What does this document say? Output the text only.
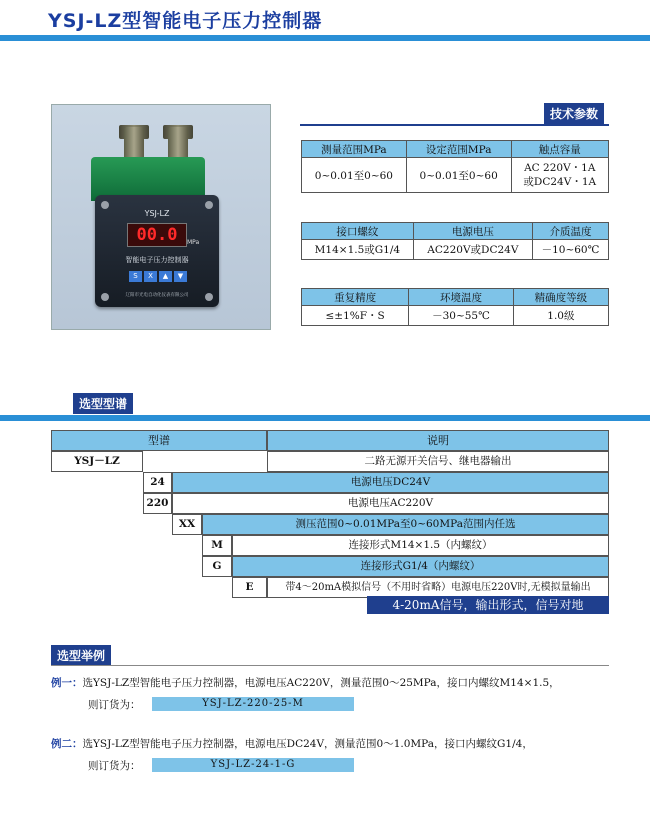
YSJ-LZ型智能电子压力控制器
YSJ-LZ
00.0	MPa
智能电子压力控制器
S	X	▲	▼
辽阳市光电自动化仪表有限公司
技术参数
测量范围MPa	设定范围MPa	触点容量
0~0.01至0~60	0~0.01至0~60	AC 220V・1A
或DC24V・1A
接口螺纹	电源电压	介质温度
M14×1.5或G1/4	AC220V或DC24V	－10~60℃
重复精度	环境温度	精确度等级
≤±1%F・S	－30~55℃	1.0级
选型型谱
型谱	说明
YSJ－LZ	二路无源开关信号、继电器输出
24	电源电压DC24V
220	电源电压AC220V
XX	测压范围0~0.01MPa至0~60MPa范围内任选
M	连接形式M14×1.5（内螺纹）
G	连接形式G1/4（内螺纹）
E	带4～20mA模拟信号（不用时省略）电源电压220V时,无模拟量输出
4-20mA信号，输出形式，信号对地
选型举例
例一：选YSJ-LZ型智能电子压力控制器，电源电压AC220V，测量范围0～25MPa，接口内螺纹M14×1.5，
则订货为：	YSJ-LZ-220-25-M
例二：选YSJ-LZ型智能电子压力控制器，电源电压DC24V，测量范围0～1.0MPa，接口内螺纹G1/4，
则订货为：	YSJ-LZ-24-1-G
